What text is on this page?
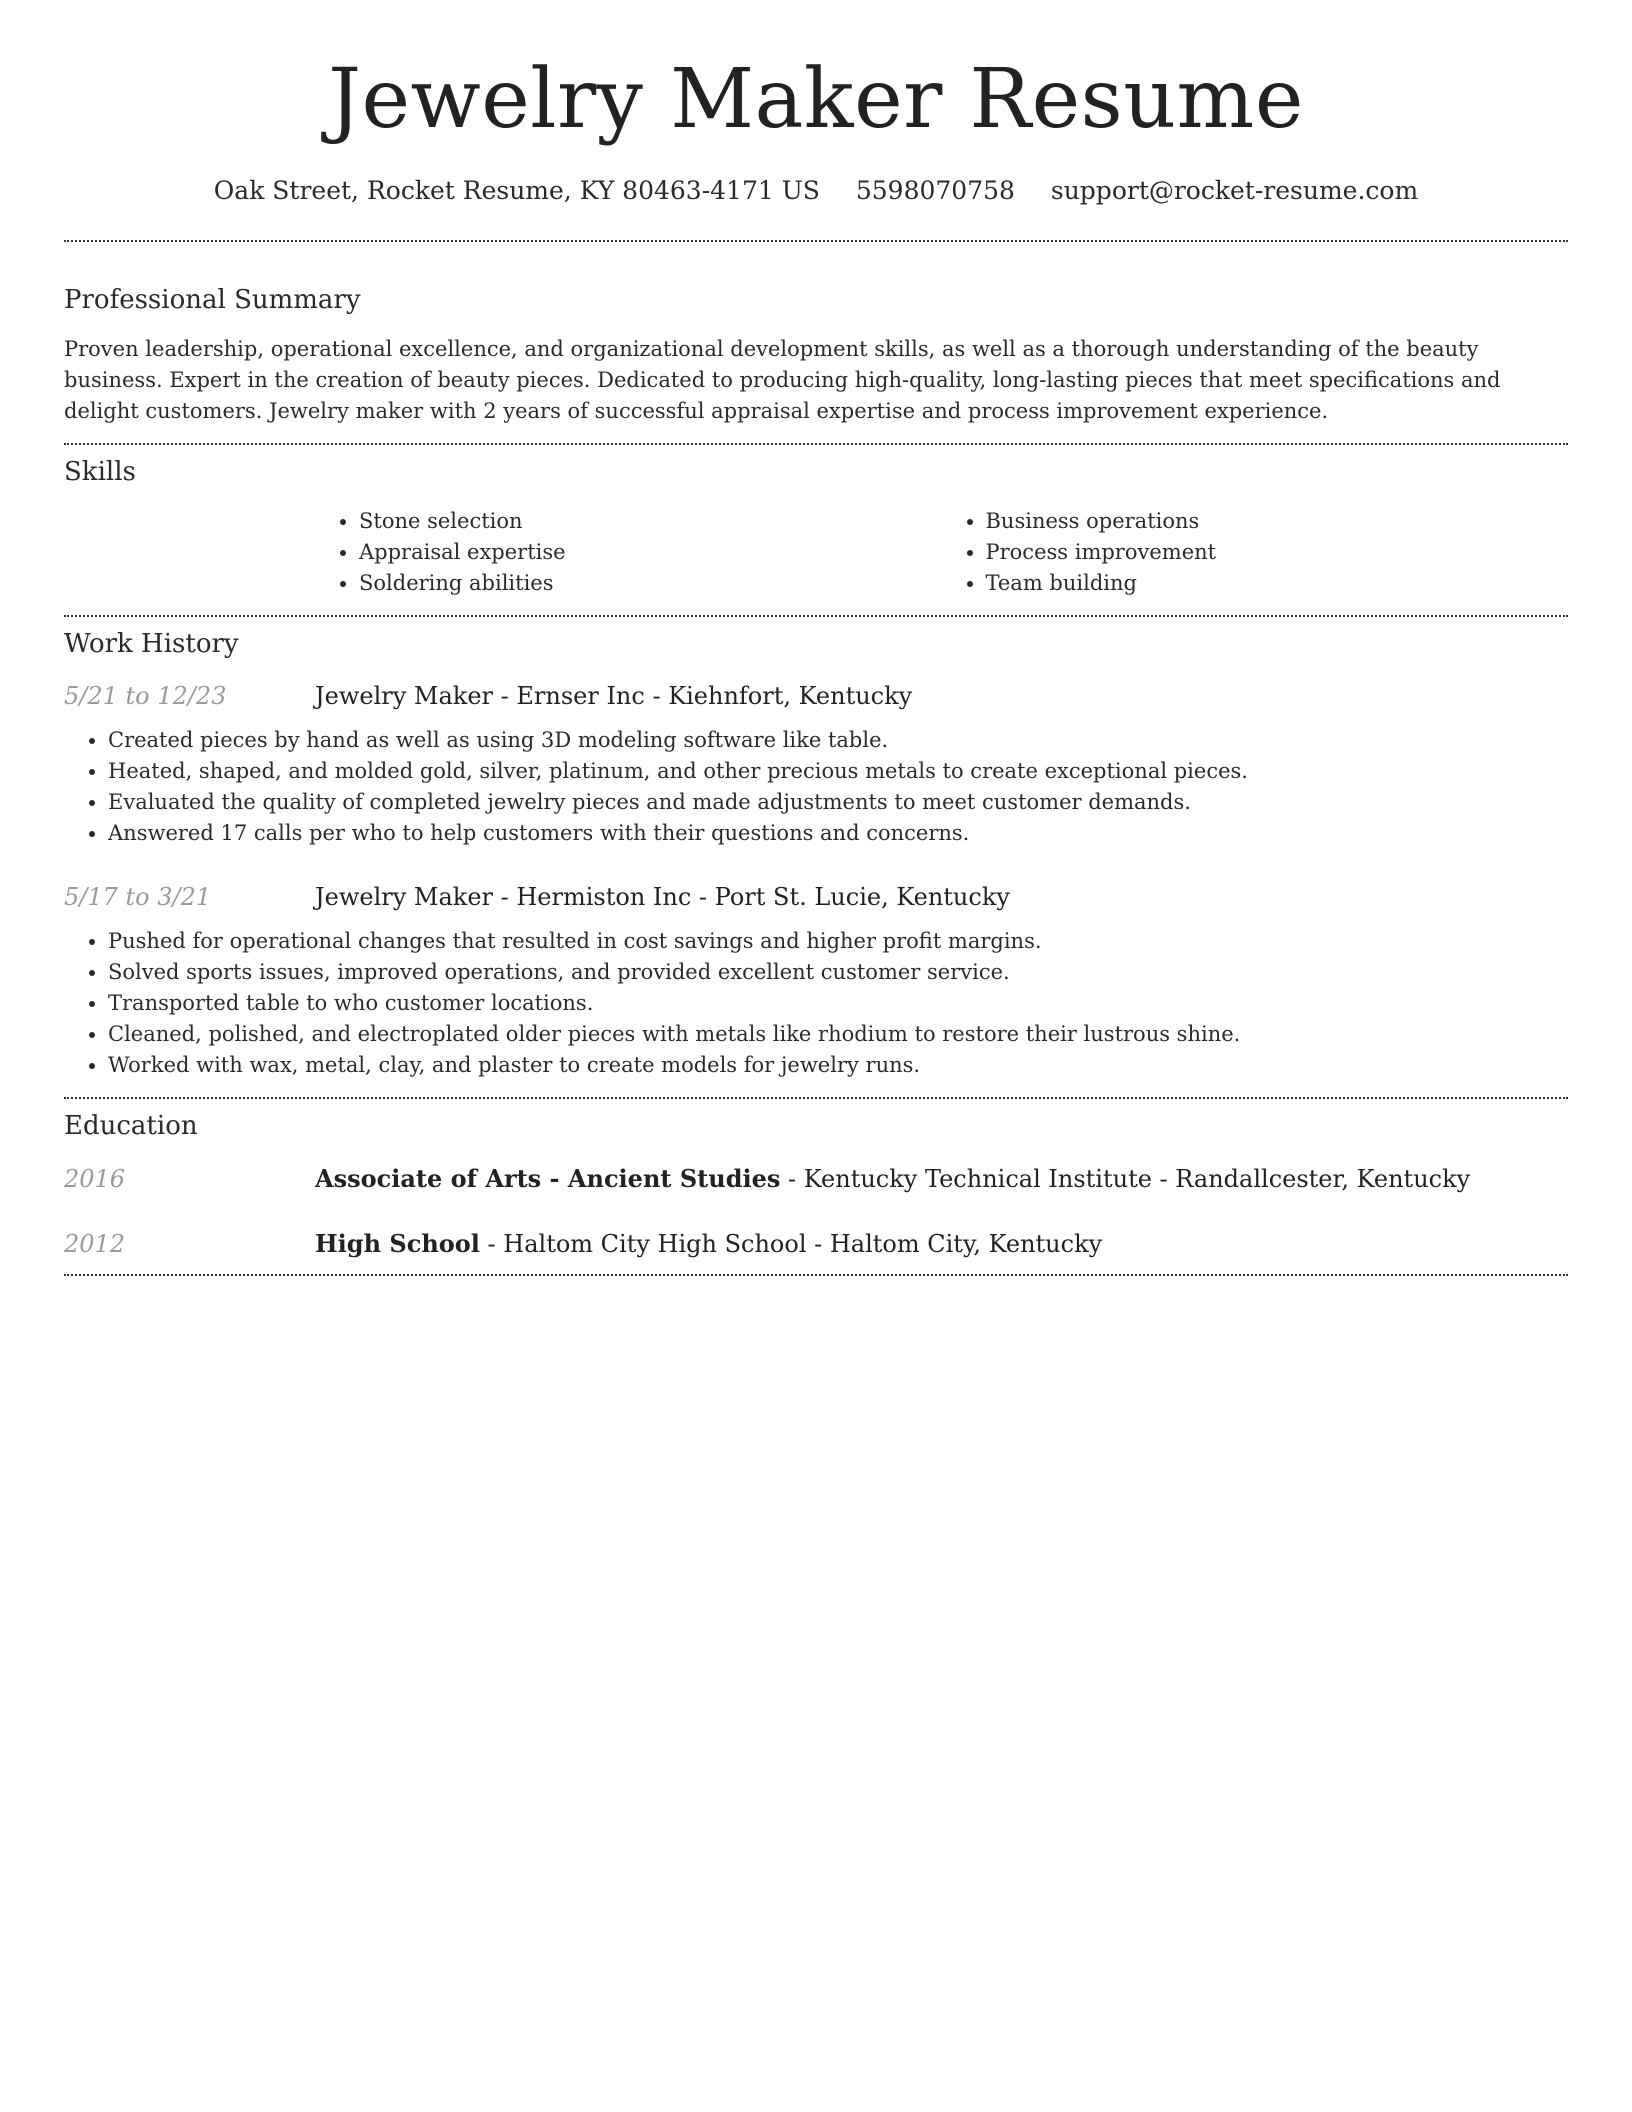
Jewelry Maker Resume
Oak Street, Rocket Resume, KY 80463-4171 US 5598070758 support@rocket-resume.com
Professional Summary

Proven leadership, operational excellence, and organizational development skills, as well as a thorough understanding of the beauty business. Expert in the creation of beauty pieces. Dedicated to producing high-quality, long-lasting pieces that meet specifications and delight customers. Jewelry maker with 2 years of successful appraisal expertise and process improvement experience.

Skills
• Stone selection
• Appraisal expertise
• Soldering abilities
• Business operations
• Process improvement
• Team building
Work History
5/21 to 12/23	Jewelry Maker - Ernser Inc - Kiehnfort, Kentucky
• Created pieces by hand as well as using 3D modeling software like table.
• Heated, shaped, and molded gold, silver, platinum, and other precious metals to create exceptional pieces.
• Evaluated the quality of completed jewelry pieces and made adjustments to meet customer demands.
• Answered 17 calls per who to help customers with their questions and concerns.
5/17 to 3/21	Jewelry Maker - Hermiston Inc - Port St. Lucie, Kentucky
• Pushed for operational changes that resulted in cost savings and higher profit margins.
• Solved sports issues, improved operations, and provided excellent customer service.
• Transported table to who customer locations.
• Cleaned, polished, and electroplated older pieces with metals like rhodium to restore their lustrous shine.
• Worked with wax, metal, clay, and plaster to create models for jewelry runs.
Education
2016	Associate of Arts - Ancient Studies - Kentucky Technical Institute - Randallcester, Kentucky
2012	High School - Haltom City High School - Haltom City, Kentucky
